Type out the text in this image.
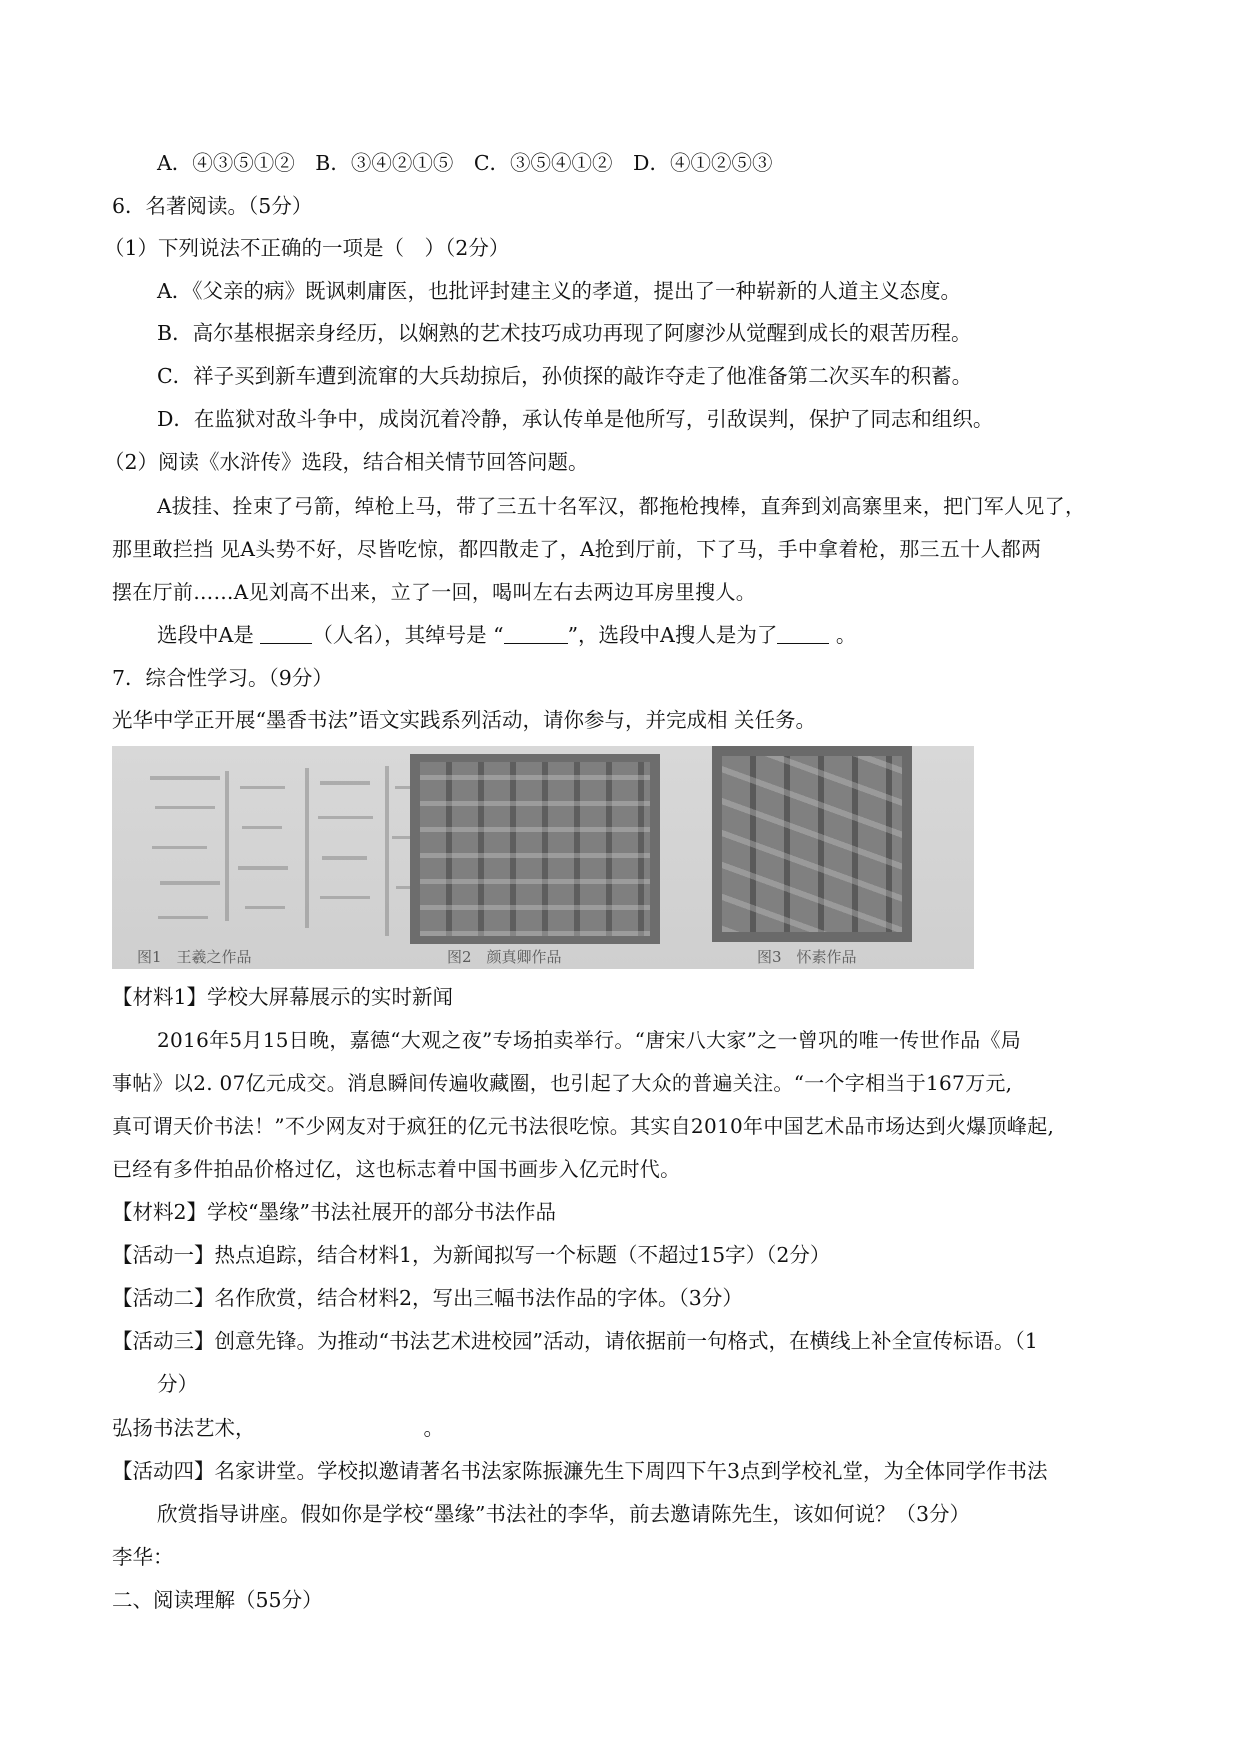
A．④③⑤①②　B．③④②①⑤　C．③⑤④①②　D．④①②⑤③
6．名著阅读。（5分）
（1）下列说法不正确的一项是（　）（2分）
A．《父亲的病》既讽刺庸医，也批评封建主义的孝道，提出了一种崭新的人道主义态度。
B．高尔基根据亲身经历，以娴熟的艺术技巧成功再现了阿廖沙从觉醒到成长的艰苦历程。
C．祥子买到新车遭到流窜的大兵劫掠后，孙侦探的敲诈夺走了他准备第二次买车的积蓄。
D．在监狱对敌斗争中，成岗沉着冷静，承认传单是他所写，引敌误判，保护了同志和组织。
（2）阅读《水浒传》选段，结合相关情节回答问题。
A拔挂、拴束了弓箭，绰枪上马，带了三五十名军汉，都拖枪拽棒，直奔到刘高寨里来，把门军人见了，
那里敢拦挡 见A头势不好，尽皆吃惊，都四散走了，A抢到厅前，下了马，手中拿着枪，那三五十人都两
摆在厅前……A见刘高不出来，立了一回，喝叫左右去两边耳房里搜人。
选段中A是	（人名），其绰号是 “	”，选段中A搜人是为了	。
7．综合性学习。（9分）
光华中学正开展“墨香书法”语文实践系列活动，请你参与，并完成相 关任务。
图1　王羲之作品	图2　颜真卿作品	图3　怀素作品
【材料1】学校大屏幕展示的实时新闻
2016年5月15日晚，嘉德“大观之夜”专场拍卖举行。“唐宋八大家”之一曾巩的唯一传世作品《局
事帖》以2. 07亿元成交。消息瞬间传遍收藏圈，也引起了大众的普遍关注。“一个字相当于167万元,
真可谓天价书法！”不少网友对于疯狂的亿元书法很吃惊。其实自2010年中国艺术品市场达到火爆顶峰起,
已经有多件拍品价格过亿，这也标志着中国书画步入亿元时代。
【材料2】学校“墨缘”书法社展开的部分书法作品
【活动一】热点追踪，结合材料1，为新闻拟写一个标题（不超过15字）（2分）
【活动二】名作欣赏，结合材料2，写出三幅书法作品的字体。（3分）
【活动三】创意先锋。为推动“书法艺术进校园”活动，请依据前一句格式，在横线上补全宣传标语。（1
分）
弘扬书法艺术，	。
【活动四】名家讲堂。学校拟邀请著名书法家陈振濂先生下周四下午3点到学校礼堂，为全体同学作书法
欣赏指导讲座。假如你是学校“墨缘”书法社的李华，前去邀请陈先生，该如何说？（3分）
李华：
二、阅读理解（55分）
